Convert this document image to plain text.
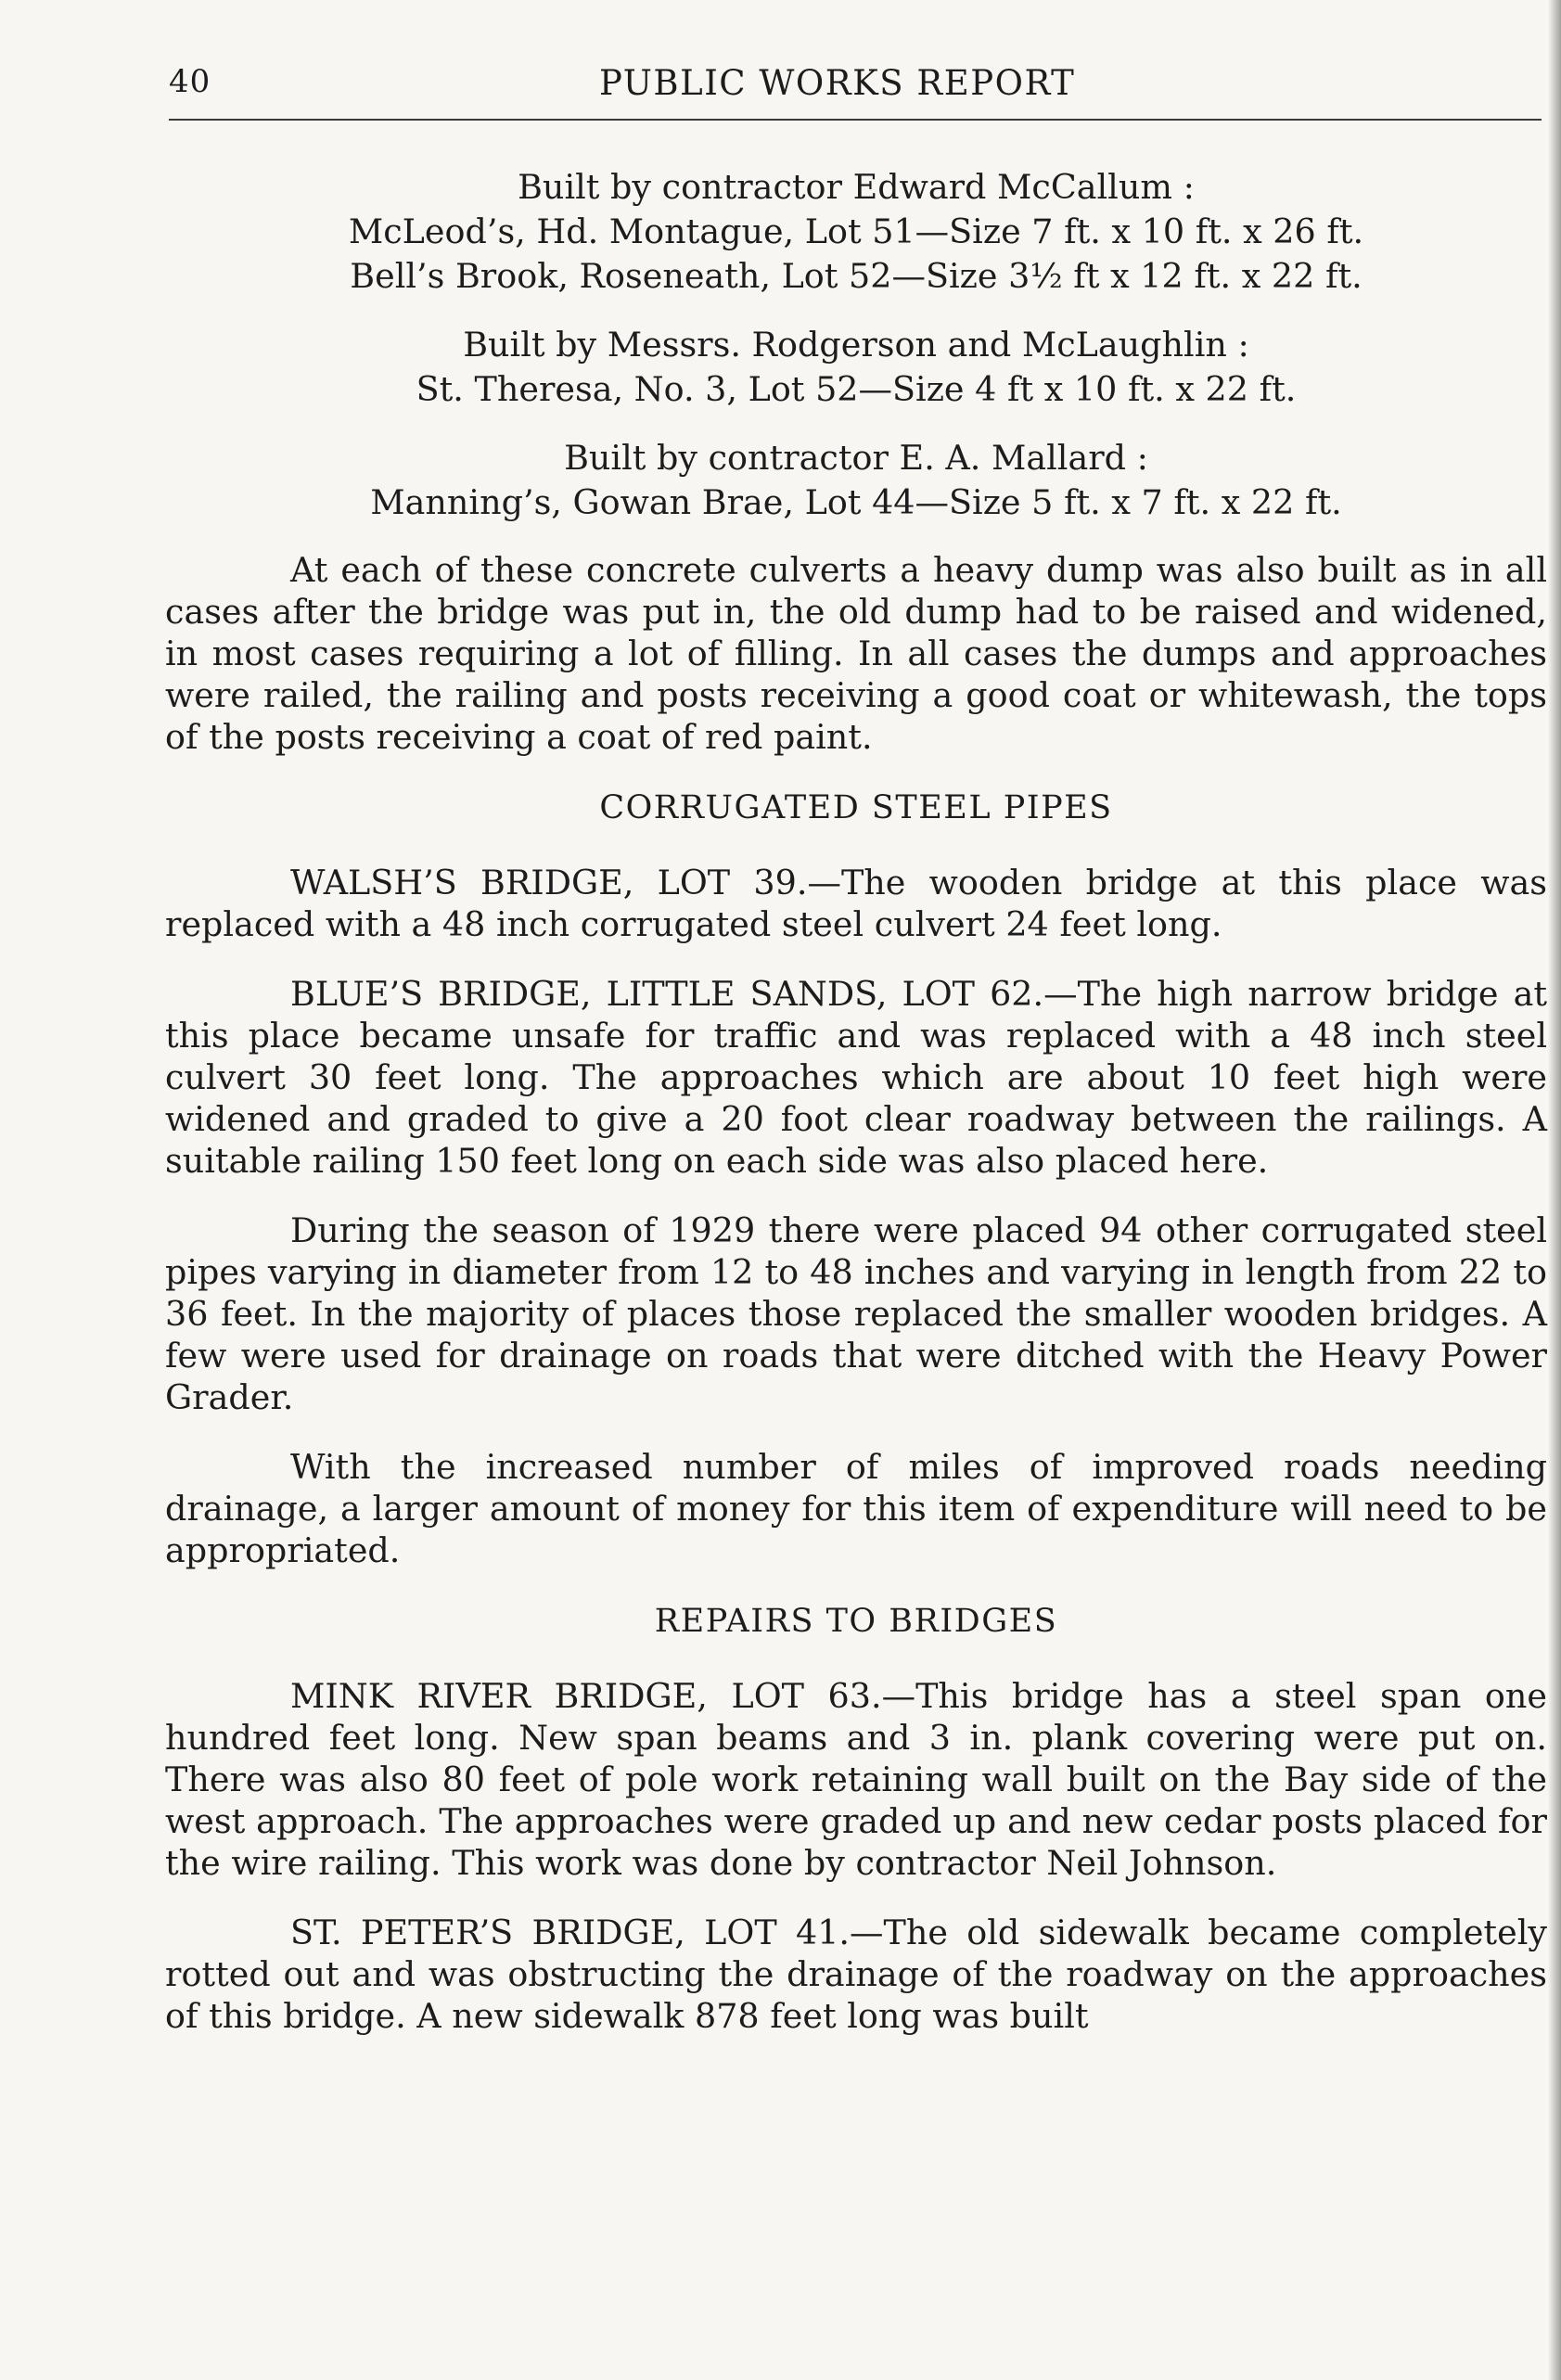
40	PUBLIC WORKS REPORT
Built by contractor Edward McCallum :
McLeod’s, Hd. Montague, Lot 51—Size 7 ft. x 10 ft. x 26 ft.
Bell’s Brook, Roseneath, Lot 52—Size 3½ ft x 12 ft. x 22 ft.
Built by Messrs. Rodgerson and McLaughlin :
St. Theresa, No. 3, Lot 52—Size 4 ft x 10 ft. x 22 ft.
Built by contractor E. A. Mallard :
Manning’s, Gowan Brae, Lot 44—Size 5 ft. x 7 ft. x 22 ft.

At each of these concrete culverts a heavy dump was also built as in all cases after the bridge was put in, the old dump had to be raised and widened, in most cases requiring a lot of filling. In all cases the dumps and approaches were railed, the railing and posts receiving a good coat or whitewash, the tops of the posts receiving a coat of red paint.

CORRUGATED STEEL PIPES

WALSH’S BRIDGE, LOT 39.—The wooden bridge at this place was replaced with a 48 inch corrugated steel culvert 24 feet long.

BLUE’S BRIDGE, LITTLE SANDS, LOT 62.—The high narrow bridge at this place became unsafe for traffic and was replaced with a 48 inch steel culvert 30 feet long. The approaches which are about 10 feet high were widened and graded to give a 20 foot clear roadway between the railings. A suitable railing 150 feet long on each side was also placed here.

During the season of 1929 there were placed 94 other corrugated steel pipes varying in diameter from 12 to 48 inches and varying in length from 22 to 36 feet. In the majority of places those replaced the smaller wooden bridges. A few were used for drainage on roads that were ditched with the Heavy Power Grader.

With the increased number of miles of improved roads needing drainage, a larger amount of money for this item of expenditure will need to be appropriated.

REPAIRS TO BRIDGES

MINK RIVER BRIDGE, LOT 63.—This bridge has a steel span one hundred feet long. New span beams and 3 in. plank covering were put on. There was also 80 feet of pole work retaining wall built on the Bay side of the west approach. The approaches were graded up and new cedar posts placed for the wire railing. This work was done by contractor Neil Johnson.

ST. PETER’S BRIDGE, LOT 41.—The old sidewalk became completely rotted out and was obstructing the drainage of the roadway on the approaches of this bridge. A new sidewalk 878 feet long was built
